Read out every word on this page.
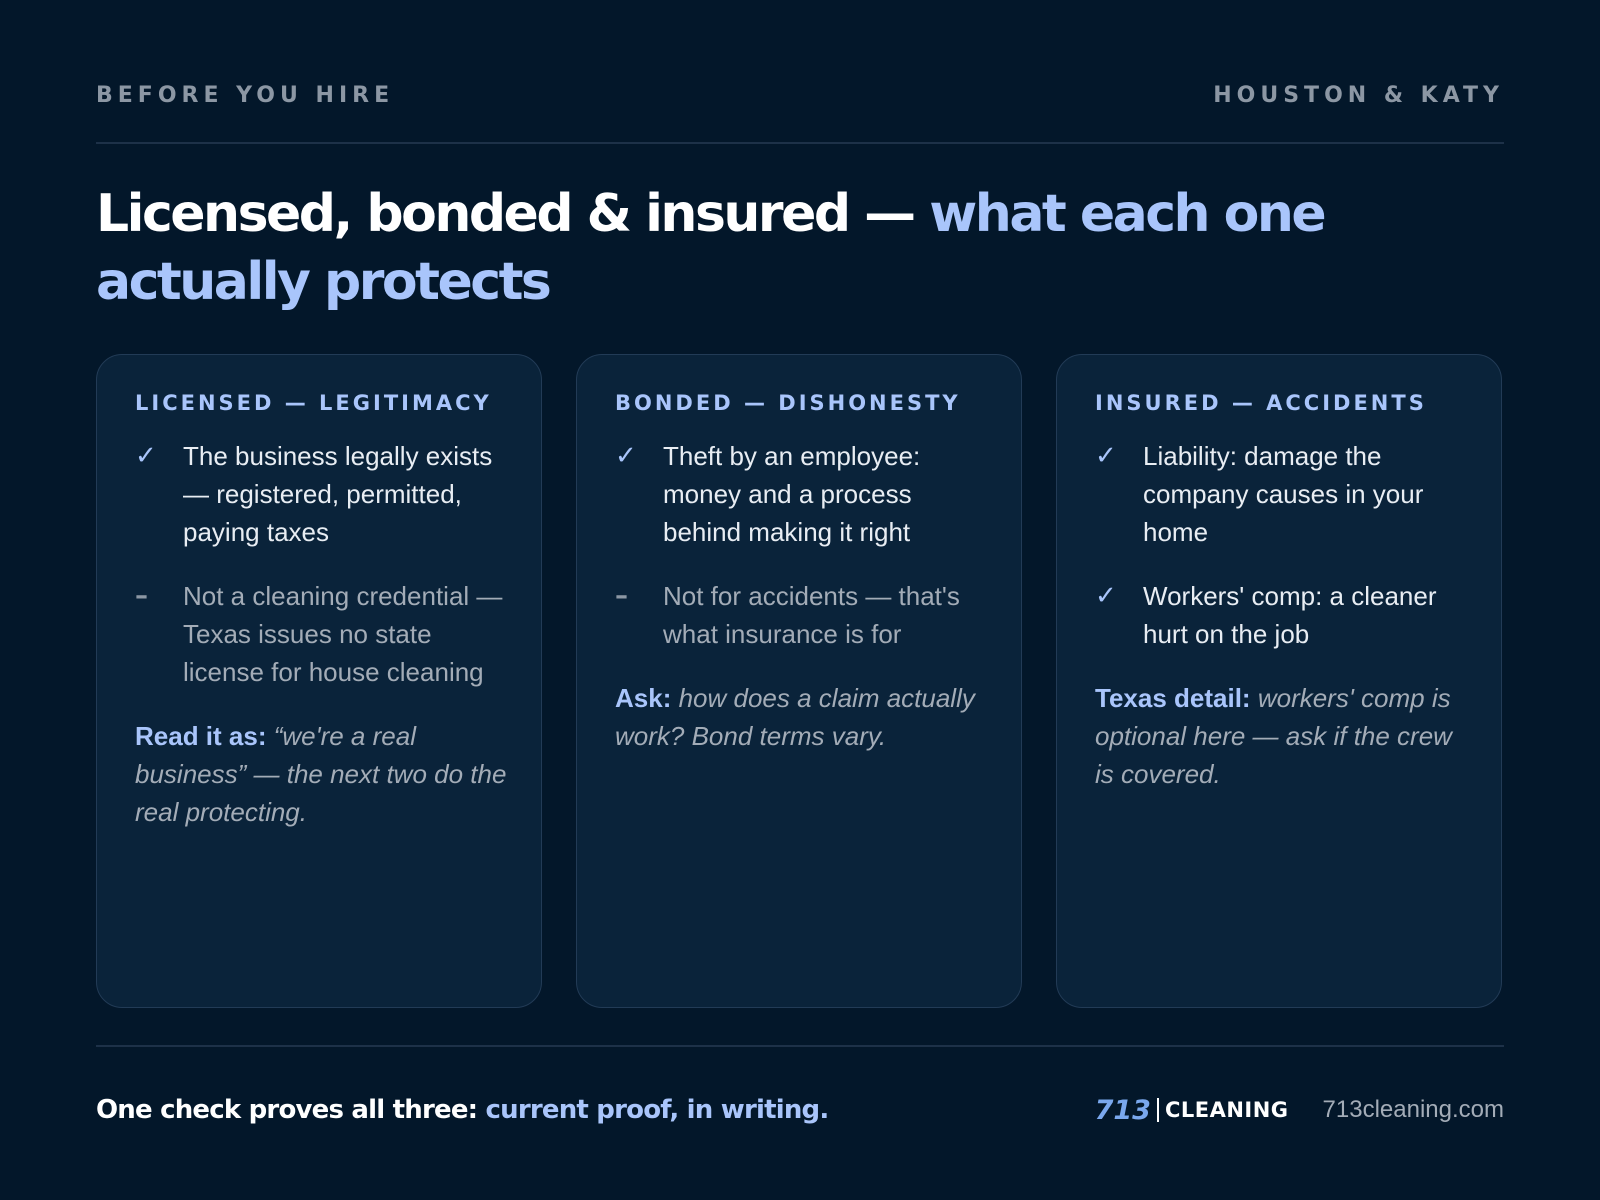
BEFORE YOU HIRE	HOUSTON & KATY
Licensed, bonded & insured — what each one actually protects
LICENSED — LEGITIMACY
✓	The business legally exists — registered, permitted, paying taxes
–	Not a cleaning credential — Texas issues no state license for house cleaning
Read it as: “we're a real business” — the next two do the real protecting.
BONDED — DISHONESTY
✓	Theft by an employee: money and a process behind making it right
–	Not for accidents — that's what insurance is for
Ask: how does a claim actually work? Bond terms vary.
INSURED — ACCIDENTS
✓	Liability: damage the company causes in your home
✓	Workers' comp: a cleaner hurt on the job
Texas detail: workers' comp is optional here — ask if the crew is covered.
One check proves all three: current proof, in writing.	713 CLEANING 713cleaning.com
